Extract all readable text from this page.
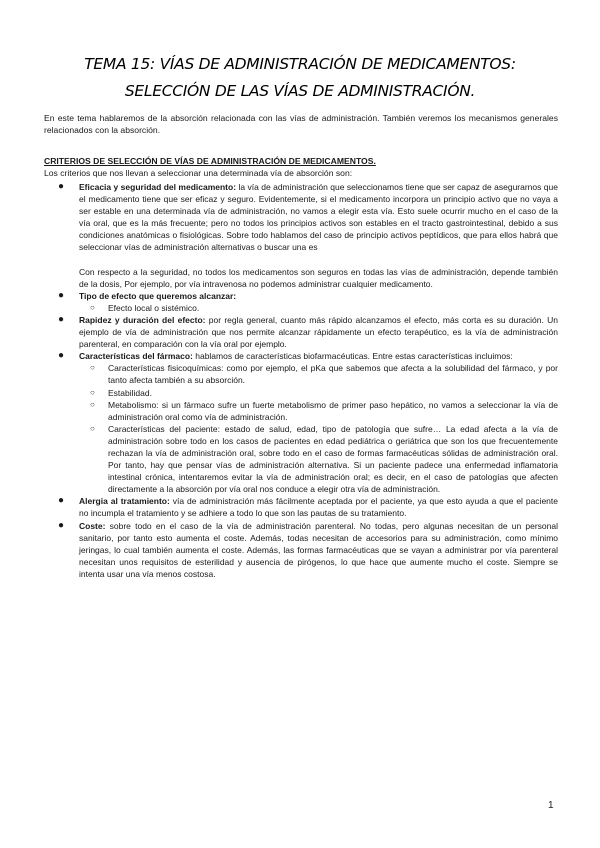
TEMA 15: VÍAS DE ADMINISTRACIÓN DE MEDICAMENTOS:
SELECCIÓN DE LAS VÍAS DE ADMINISTRACIÓN.
En este tema hablaremos de la absorción relacionada con las vías de administración. También veremos los mecanismos generales relacionados con la absorción.
CRITERIOS DE SELECCIÓN DE VÍAS DE ADMINISTRACIÓN DE MEDICAMENTOS.
Los criterios que nos llevan a seleccionar una determinada vía de absorción son:
● Eficacia y seguridad del medicamento: la vía de administración que seleccionamos tiene que ser capaz de asegurarnos que el medicamento tiene que ser eficaz y seguro. Evidentemente, si el medicamento incorpora un principio activo que no vaya a ser estable en una determinada vía de administración, no vamos a elegir esta vía. Esto suele ocurrir mucho en el caso de la vía oral, que es la más frecuente; pero no todos los principios activos son estables en el tracto gastrointestinal, debido a sus condiciones anatómicas o fisiológicas. Sobre todo hablamos del caso de principio activos peptídicos, que para ellos habrá que seleccionar vías de administración alternativas o buscar una es
Con respecto a la seguridad, no todos los medicamentos son seguros en todas las vías de administración, depende también de la dosis, Por ejemplo, por vía intravenosa no podemos administrar cualquier medicamento.
● Tipo de efecto que queremos alcanzar:
○ Efecto local o sistémico.
● Rapidez y duración del efecto: por regla general, cuanto más rápido alcanzamos el efecto, más corta es su duración. Un ejemplo de vía de administración que nos permite alcanzar rápidamente un efecto terapéutico, es la vía de administración parenteral, en comparación con la vía oral por ejemplo.
● Características del fármaco: hablamos de características biofarmacéuticas. Entre estas características incluimos:
○ Características fisicoquímicas: como por ejemplo, el pKa que sabemos que afecta a la solubilidad del fármaco, y por tanto afecta también a su absorción.
○ Estabilidad.
○ Metabolismo: si un fármaco sufre un fuerte metabolismo de primer paso hepático, no vamos a seleccionar la vía de administración oral como vía de administración.
○ Características del paciente: estado de salud, edad, tipo de patología que sufre… La edad afecta a la vía de administración sobre todo en los casos de pacientes en edad pediátrica o geriátrica que son los que frecuentemente rechazan la vía de administración oral, sobre todo en el caso de formas farmacéuticas sólidas de administración oral. Por tanto, hay que pensar vías de administración alternativa. Si un paciente padece una enfermedad inflamatoria intestinal crónica, intentaremos evitar la vía de administración oral; es decir, en el caso de patologías que afecten directamente a la absorción por vía oral nos conduce a elegir otra vía de administración.
● Alergia al tratamiento: vía de administración más fácilmente aceptada por el paciente, ya que esto ayuda a que el paciente no incumpla el tratamiento y se adhiere a todo lo que son las pautas de su tratamiento.
● Coste: sobre todo en el caso de la vía de administración parenteral. No todas, pero algunas necesitan de un personal sanitario, por tanto esto aumenta el coste. Además, todas necesitan de accesorios para su administración, como mínimo jeringas, lo cual también aumenta el coste. Además, las formas farmacéuticas que se vayan a administrar por vía parenteral necesitan unos requisitos de esterilidad y ausencia de pirógenos, lo que hace que aumente mucho el coste. Siempre se intenta usar una vía menos costosa.
1
